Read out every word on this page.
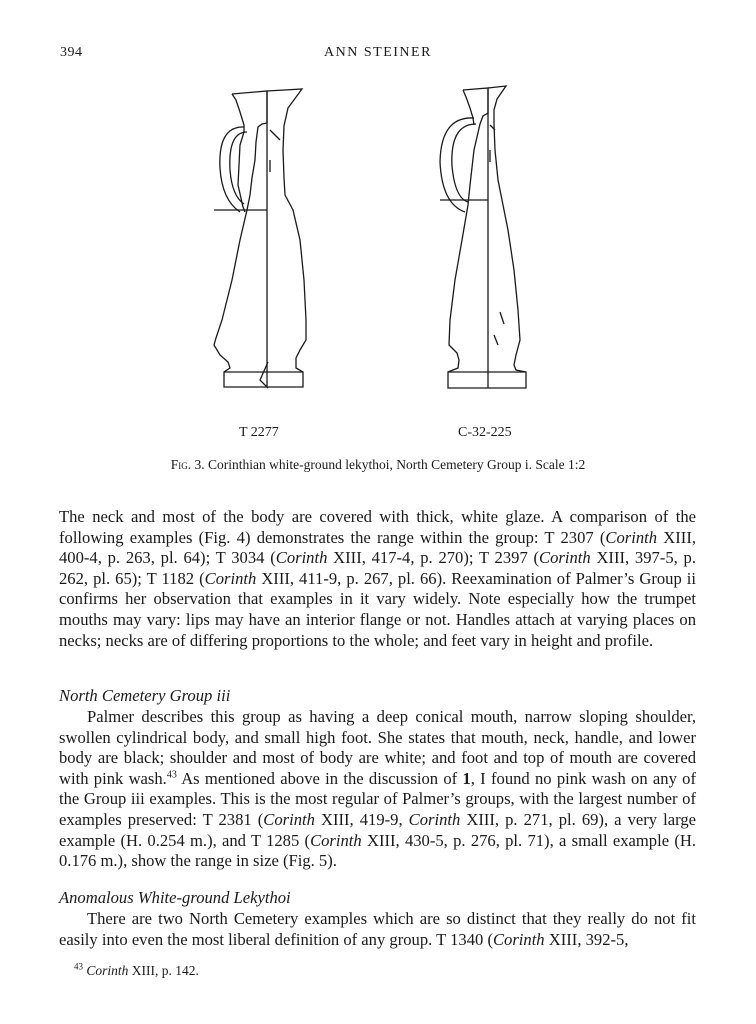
394	ANN STEINER
T 2277	C-32-225
Fig. 3. Corinthian white-ground lekythoi, North Cemetery Group i. Scale 1:2
The neck and most of the body are covered with thick, white glaze. A comparison of the following examples (Fig. 4) demonstrates the range within the group: T 2307 (Corinth XIII, 400-4, p. 263, pl. 64); T 3034 (Corinth XIII, 417-4, p. 270); T 2397 (Corinth XIII, 397-5, p. 262, pl. 65); T 1182 (Corinth XIII, 411-9, p. 267, pl. 66). Reexamination of Palmer’s Group ii confirms her observation that examples in it vary widely. Note especially how the trumpet mouths may vary: lips may have an interior flange or not. Handles attach at varying places on necks; necks are of differing proportions to the whole; and feet vary in height and profile.
North Cemetery Group iii
Palmer describes this group as having a deep conical mouth, narrow sloping shoulder, swollen cylindrical body, and small high foot. She states that mouth, neck, handle, and lower body are black; shoulder and most of body are white; and foot and top of mouth are covered with pink wash.$^{43}$ As mentioned above in the discussion of 1, I found no pink wash on any of the Group iii examples. This is the most regular of Palmer’s groups, with the largest number of examples preserved: T 2381 (Corinth XIII, 419-9, Corinth XIII, p. 271, pl. 69), a very large example (H. 0.254 m.), and T 1285 (Corinth XIII, 430-5, p. 276, pl. 71), a small example (H. 0.176 m.), show the range in size (Fig. 5).
Anomalous White-ground Lekythoi
There are two North Cemetery examples which are so distinct that they really do not fit easily into even the most liberal definition of any group. T 1340 (Corinth XIII, 392-5,
$^{43}$ Corinth XIII, p. 142.
